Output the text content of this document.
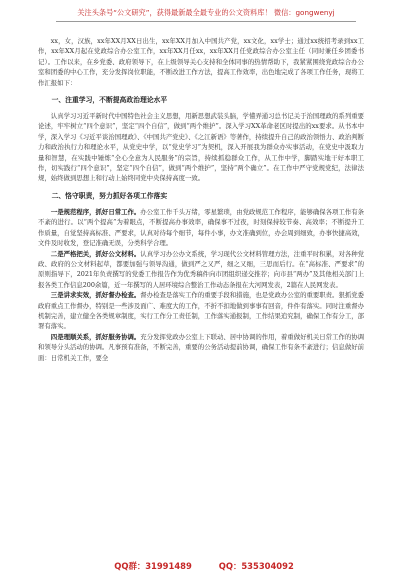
关注头条号“公文研究”，获得最新最全最专业的公文资料库！ 微信：gongwenyj

xx，女，汉族，xx年XX月XX日出生，xx年XX月加入中国共产党，xx文化，xx学士；通过xx统招考录到xx工作，xx年XX月起在党政综合办公室工作，xx年XX月任xx，xx年XX月任党政综合办公室主任（同时兼任乡团委书记）。工作以来，在乡党委、政府领导下，在上级领导关心支持和全体同事的热情帮助下，我紧紧围绕党政综合办公室和团委的中心工作，充分发挥岗位职能，不断改进工作方法，提高工作效率，出色地完成了各项工作任务，现将工作汇报如下：

一、注重学习，不断提高政治理论水平

认真学习习近平新时代中国特色社会主义思想，用新思想武装头脑，学懂弄通习总书记关于治国理政的系列重要论述，牢牢树立“四个意识”，坚定“四个自信”，做到“两个维护”。深入学习XX革命老区时提出的xx要求。从书本中学，深入学习《习近平谈治国理政》、《中国共产党史》、《之江新语》等著作，持续提升自己的政治领悟力、政治判断力和政治执行力和理论水平，从党史中学，以“党史学习”为契机，深入开展我为群众办实事活动，在党史中汲取力量和智慧，在实践中锤炼“全心全意为人民服务”的宗旨，持续抓稳群众工作，从工作中学，脚踏实地干好本职工作，切实践行“四个意识”，坚定“四个自信”，做到“两个维护”，坚持“两个确立”。在工作中严守党规党纪，法律法规，始终做到思想上和行动上始终同党中央保持高度一致。

二、恪守职责，努力抓好各项工作落实

一是规范程序，抓好日常工作。办公室工作千头万绪，零星繁琐，由党政规范工作程序，能够确保各项工作有条不紊的进行。以“两个提高”为着眼点，不断提高办事效率，确保事不过夜，时刻保持较节奏、高效率；不断提升工作质量，自觉坚持高标准、严要求，认真对待每个细节，每件小事，办文准确到位，办会周到细致，办事快捷高效，文件及时收发，登记准确无误，分类科学合理。

二是严格把关，抓好公文材料。认真学习办公办文系统，学习现代公文材料管理方法，注重平时积累，对各种党政、政府的公文材料起草，都要加强与领导沟通，做到严之又严，细之又细，三思而后行。在“高标准、严要求”的原则指导下，2021年负责撰写的党委工作报告作为优秀稿件向市团组织递交推荐；向市县“两办”及其他相关部门上报各类工作信息200余篇，近一年撰写的人居环境综合整治工作动态条报在大河网发表，2篇在人民网发表。

三是讲求实效，抓好督办检查。督办检查是落实工作的重要手段和措施，也是党政办公室的重要职责。狠抓党委政府重点工作督办，特别是一些涉及面广、难度大的工作，不折不扣地做到事事有回音，件件有落实。同时注重督办机制完善，建立健全各类规章制度，实行工作分工责任制，工作落实通报制，工作结果追究制，确保工作有分工，部署有落实。

四是理顺关系，抓好服务协调。充分发挥党政办公室上下联动、居中协调的作用，着重做好机关日常工作的协调和领导分头活动的协调。凡事预有准备，不断完善，重要的公务活动提前协调，确保工作有条不紊进行；信息做好前面：日常机关工作，要全

QQ群：31991489	QQ：535304092
